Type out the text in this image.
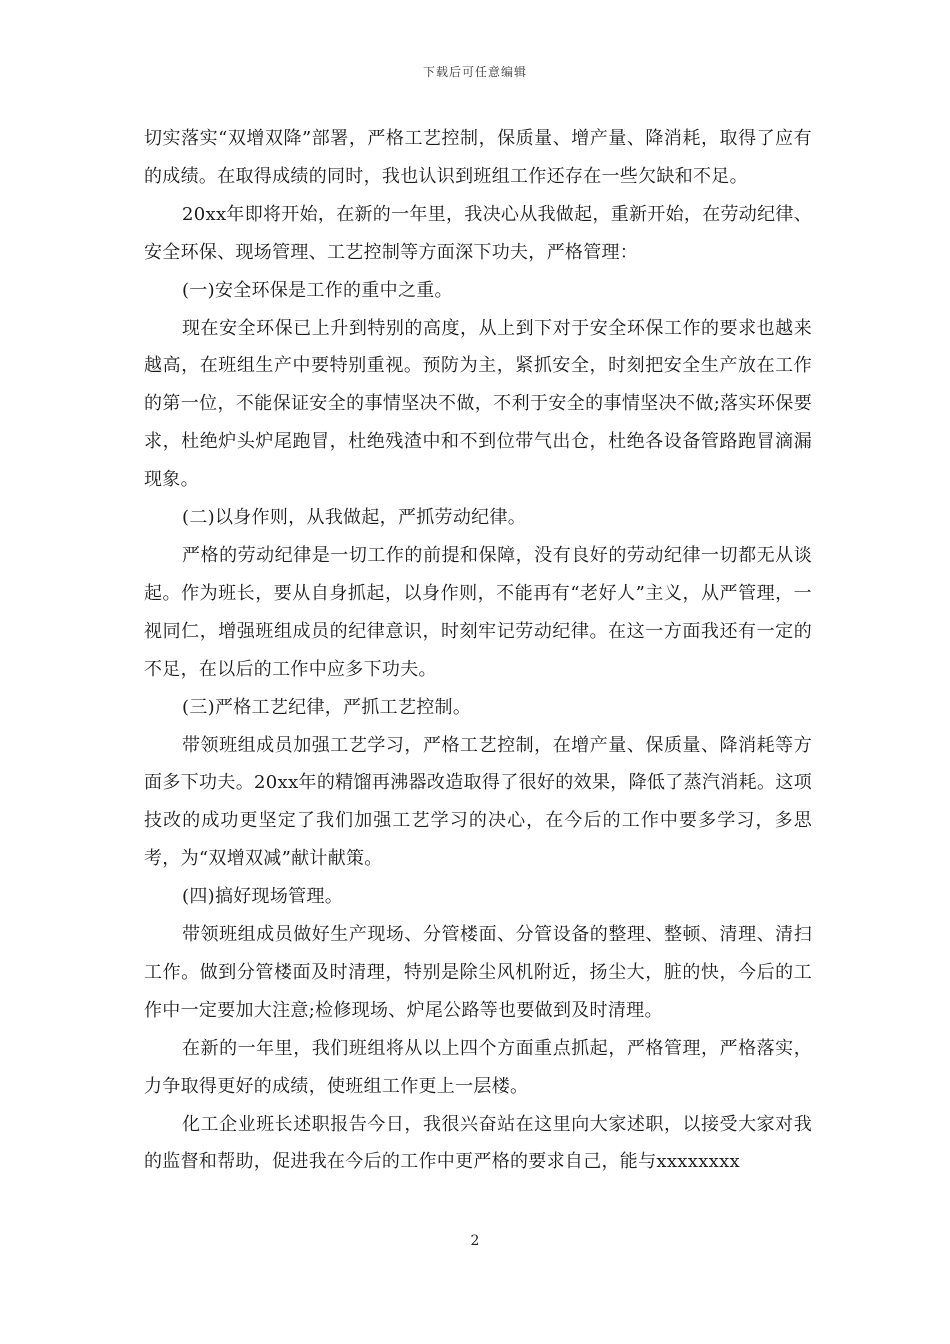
下载后可任意编辑

切实落实“双增双降”部署，严格工艺控制，保质量、增产量、降消耗，取得了应有的成绩。在取得成绩的同时，我也认识到班组工作还存在一些欠缺和不足。

20xx年即将开始，在新的一年里，我决心从我做起，重新开始，在劳动纪律、安全环保、现场管理、工艺控制等方面深下功夫，严格管理：

(一)安全环保是工作的重中之重。

现在安全环保已上升到特别的高度，从上到下对于安全环保工作的要求也越来越高，在班组生产中要特别重视。预防为主，紧抓安全，时刻把安全生产放在工作的第一位，不能保证安全的事情坚决不做，不利于安全的事情坚决不做;落实环保要求，杜绝炉头炉尾跑冒，杜绝残渣中和不到位带气出仓，杜绝各设备管路跑冒滴漏现象。

(二)以身作则，从我做起，严抓劳动纪律。

严格的劳动纪律是一切工作的前提和保障，没有良好的劳动纪律一切都无从谈起。作为班长，要从自身抓起，以身作则，不能再有“老好人”主义，从严管理，一视同仁，增强班组成员的纪律意识，时刻牢记劳动纪律。在这一方面我还有一定的不足，在以后的工作中应多下功夫。

(三)严格工艺纪律，严抓工艺控制。

带领班组成员加强工艺学习，严格工艺控制，在增产量、保质量、降消耗等方面多下功夫。20xx年的精馏再沸器改造取得了很好的效果，降低了蒸汽消耗。这项技改的成功更坚定了我们加强工艺学习的决心，在今后的工作中要多学习，多思考，为“双增双减”献计献策。

(四)搞好现场管理。

带领班组成员做好生产现场、分管楼面、分管设备的整理、整顿、清理、清扫工作。做到分管楼面及时清理，特别是除尘风机附近，扬尘大，脏的快，今后的工作中一定要加大注意;检修现场、炉尾公路等也要做到及时清理。

在新的一年里，我们班组将从以上四个方面重点抓起，严格管理，严格落实，力争取得更好的成绩，使班组工作更上一层楼。

化工企业班长述职报告今日，我很兴奋站在这里向大家述职，以接受大家对我的监督和帮助，促进我在今后的工作中更严格的要求自己，能与xxxxxxxx

2
